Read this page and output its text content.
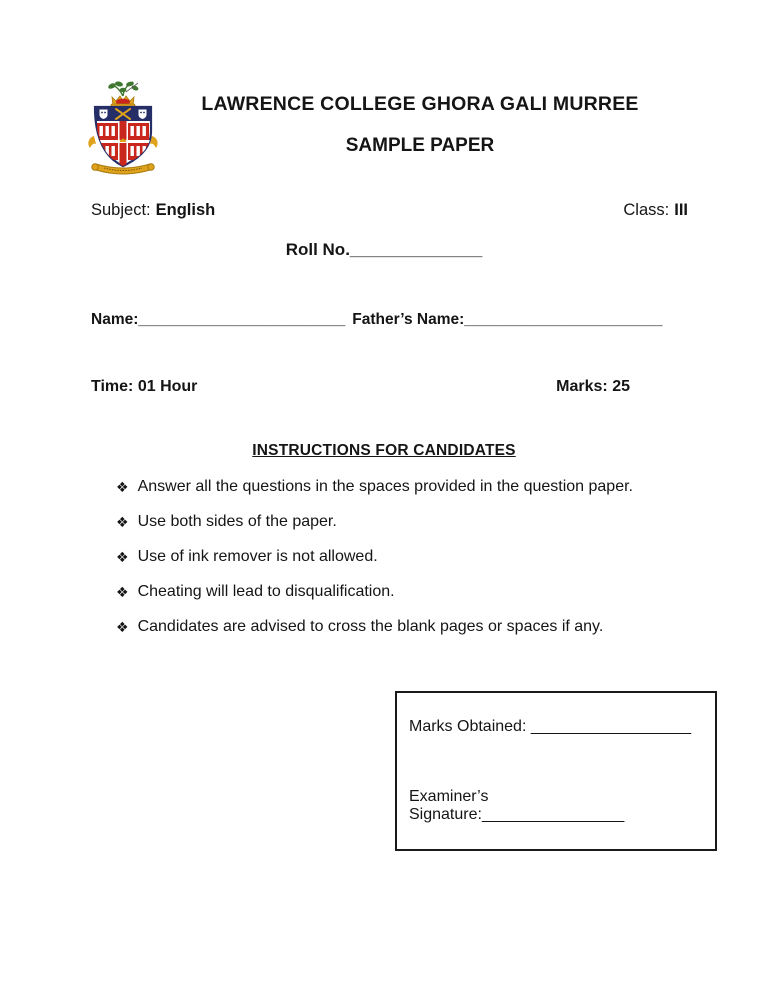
LAWRENCE COLLEGE GHORA GALI MURREE
SAMPLE PAPER
Subject: English	Class: III
Roll No.______________
Name:________________________ Father’s Name:_______________________
Time: 01 Hour	Marks: 25
INSTRUCTIONS FOR CANDIDATES
❖ Answer all the questions in the spaces provided in the question paper.
❖ Use both sides of the paper.
❖ Use of ink remover is not allowed.
❖ Cheating will lead to disqualification.
❖ Candidates are advised to cross the blank pages or spaces if any.
Marks Obtained: __________________
Examiner’s Signature:________________
